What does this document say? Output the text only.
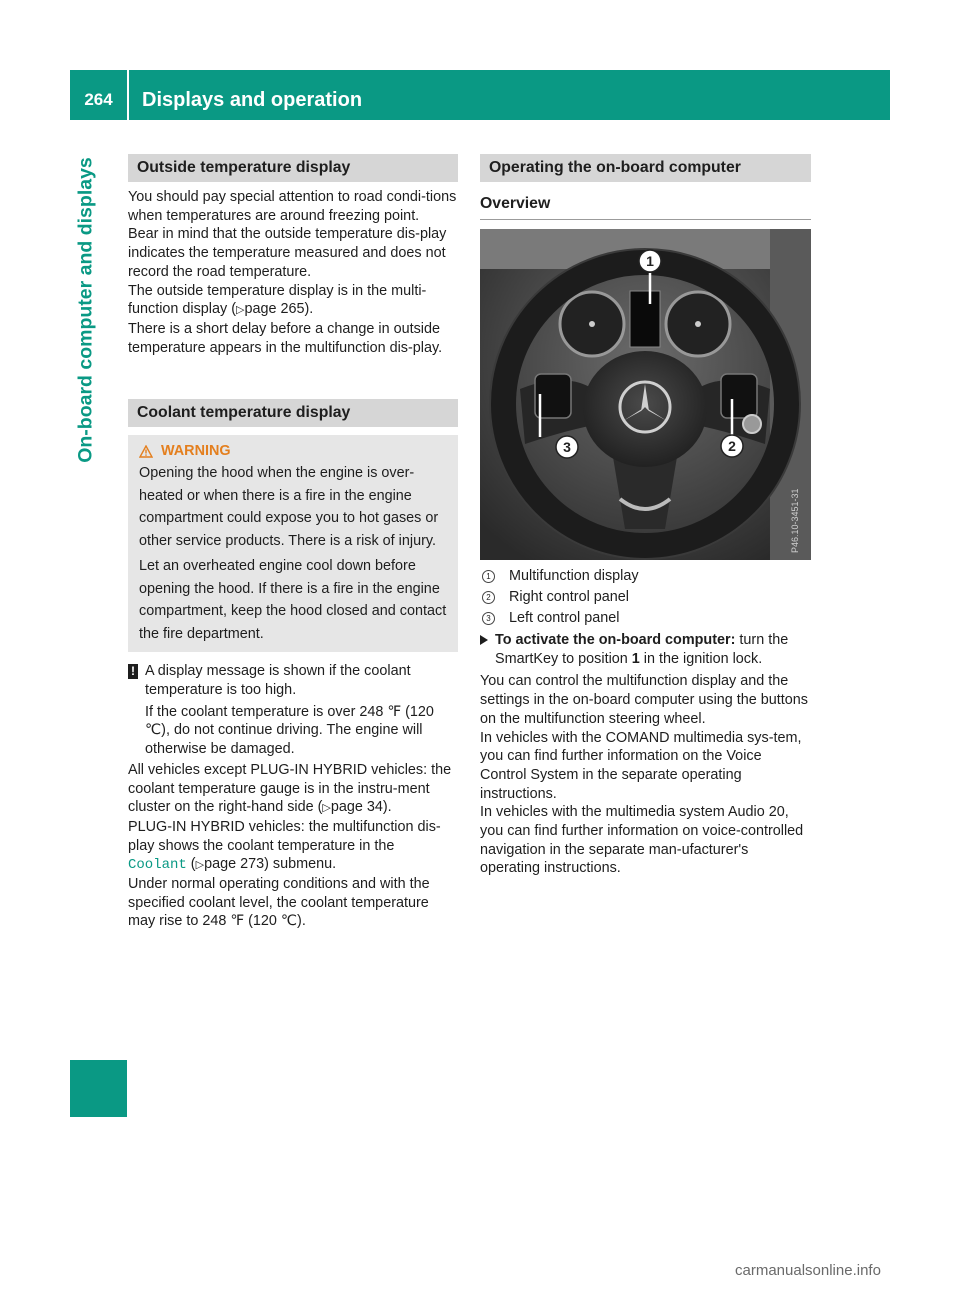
264	Displays and operation
On-board computer and displays	Outside temperature display

You should pay special attention to road condi-tions when temperatures are around freezing point.

Bear in mind that the outside temperature dis-play indicates the temperature measured and does not record the road temperature.

The outside temperature display is in the multi-function display (▷page 265).

There is a short delay before a change in outside temperature appears in the multifunction dis-play.

Coolant temperature display
WARNING

Opening the hood when the engine is over-heated or when there is a fire in the engine compartment could expose you to hot gases or other service products. There is a risk of injury.

Let an overheated engine cool down before opening the hood. If there is a fire in the engine compartment, keep the hood closed and contact the fire department.

! A display message is shown if the coolant temperature is too high.

If the coolant temperature is over 248 ℉ (120 ℃), do not continue driving. The engine will otherwise be damaged.

All vehicles except PLUG-IN HYBRID vehicles: the coolant temperature gauge is in the instru-ment cluster on the right-hand side (▷page 34).

PLUG-IN HYBRID vehicles: the multifunction dis-play shows the coolant temperature in the
Coolant (▷page 273) submenu.

Under normal operating conditions and with the specified coolant level, the coolant temperature may rise to 248 ℉ (120 ℃).

Operating the on-board computer
Overview
1
2
3
P46.10-3451-31
1 Multifunction display
2 Right control panel
3 Left control panel

To activate the on-board computer: turn the SmartKey to position 1 in the ignition lock.

You can control the multifunction display and the settings in the on-board computer using the buttons on the multifunction steering wheel.

In vehicles with the COMAND multimedia sys-tem, you can find further information on the Voice Control System in the separate operating instructions.

In vehicles with the multimedia system Audio 20, you can find further information on voice-controlled navigation in the separate man-ufacturer's operating instructions.

carmanualsonline.info
